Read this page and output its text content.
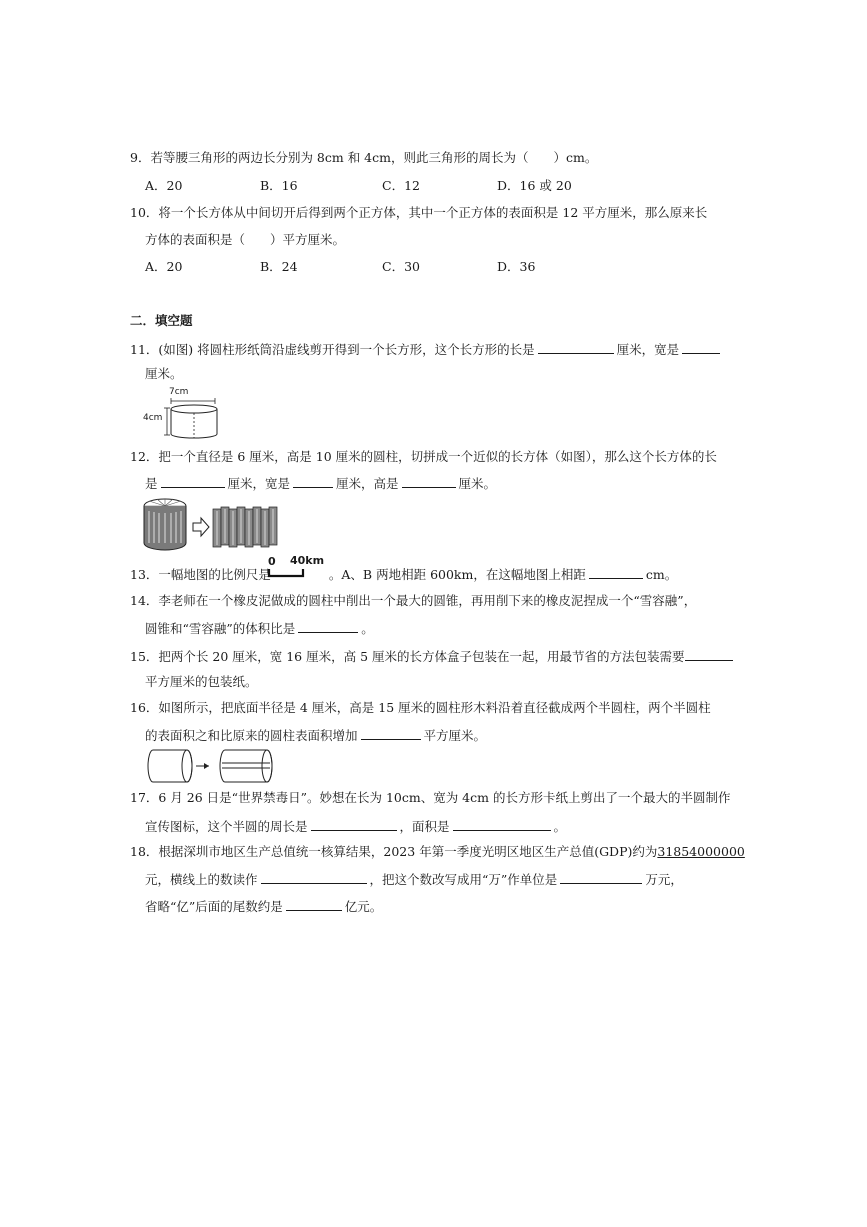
9．若等腰三角形的两边长分别为 8cm 和 4cm，则此三角形的周长为（　　）cm。
A．20	B．16	C．12	D．16 或 20
10．将一个长方体从中间切开后得到两个正方体，其中一个正方体的表面积是 12 平方厘米，那么原来长
方体的表面积是（　　）平方厘米。
A．20	B．24	C．30	D．36
二．填空题
11．(如图) 将圆柱形纸筒沿虚线剪开得到一个长方形，这个长方形的长是	厘米，宽是
厘米。
7cm
4cm
12．把一个直径是 6 厘米，高是 10 厘米的圆柱，切拼成一个近似的长方体（如图），那么这个长方体的长
是	厘米，宽是	厘米，高是	厘米。
13．一幅地图的比例尺是	。A、B 两地相距 600km，在这幅地图上相距	cm。
0 40km
14．李老师在一个橡皮泥做成的圆柱中削出一个最大的圆锥，再用削下来的橡皮泥捏成一个“雪容融”，
圆锥和“雪容融”的体积比是	。
15．把两个长 20 厘米，宽 16 厘米，高 5 厘米的长方体盒子包装在一起，用最节省的方法包装需要
平方厘米的包装纸。
16．如图所示，把底面半径是 4 厘米，高是 15 厘米的圆柱形木料沿着直径截成两个半圆柱，两个半圆柱
的表面积之和比原来的圆柱表面积增加	平方厘米。
17．6 月 26 日是“世界禁毒日”。妙想在长为 10cm、宽为 4cm 的长方形卡纸上剪出了一个最大的半圆制作
宣传图标，这个半圆的周长是	，面积是	。
18．根据深圳市地区生产总值统一核算结果，2023 年第一季度光明区地区生产总值(GDP)约为31854000000
元，横线上的数读作	，把这个数改写成用“万”作单位是	万元，
省略“亿”后面的尾数约是	亿元。
